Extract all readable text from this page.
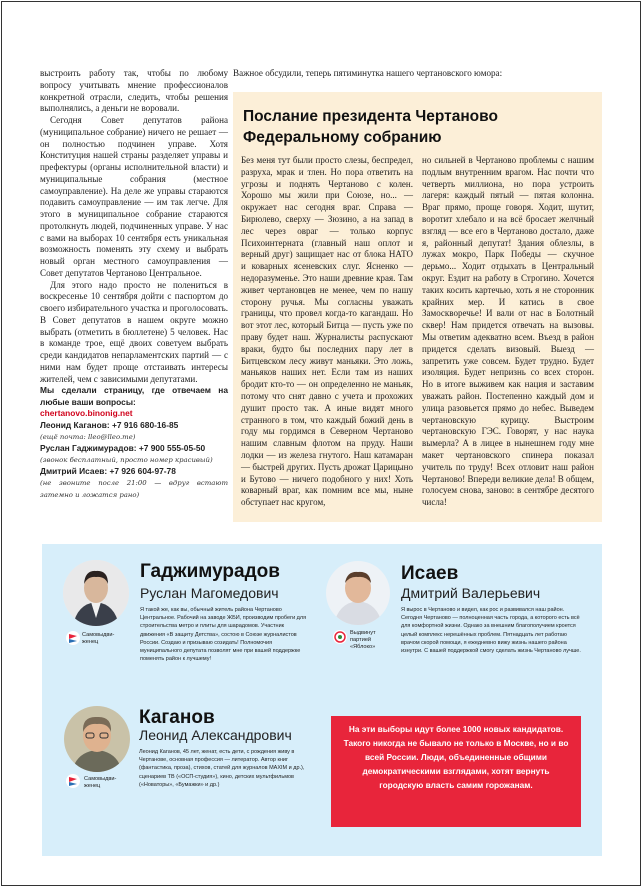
выстроить работу так, чтобы по любому вопросу учитывать мнение профессионалов конкретной отрасли, следить, чтобы решения выполнялись, а деньги не воровали.

Сегодня Совет депутатов района (муниципальное собрание) ничего не решает — он полностью подчинен управе. Хотя Конституция нашей страны разделяет управы и префектуры (органы исполнительной власти) и муниципальные собрания (местное самоуправление). На деле же управы стараются подавить самоуправление — им так легче. Для этого в муниципальное собрание стараются протолкнуть людей, подчиненных управе. У нас с вами на выборах 10 сентября есть уникальная возможность поменять эту схему и выбрать новый орган местного самоуправления — Совет депутатов Чертаново Центральное.

Для этого надо просто не полениться в воскресенье 10 сентября дойти с паспортом до своего избирательного участка и проголосовать. В Совет депутатов в нашем округе можно выбрать (отметить в бюллетене) 5 человек. Нас в команде трое, ещё двоих советуем выбрать среди кандидатов непарламентских партий — с ними нам будет проще отстаивать интересы жителей, чем с зависимыми депутатами.

Мы сделали страницу, где отвечаем на любые ваши вопросы:
chertanovo.binonig.net
Леонид Каганов: +7 916 680-16-85
(ещё почта: lleo@lleo.me)
Руслан Гаджимурадов: +7 900 555-05-50
(звонок бесплатный, просто номер красивый)
Дмитрий Исаев: +7 926 604-97-78
(не звоните после 21:00 — вдруг встают затемно и ложатся рано)
Важное обсудили, теперь пятиминутка нашего чертановского юмора:
Послание президента Чертаново Федеральному собранию
Без меня тут были просто слезы, беспредел, разруха, мрак и тлен. Но пора ответить на угрозы и поднять Чертаново с колен. Хорошо мы жили при Союзе, но... — окружает нас сегодня враг. Справа — Бирюлево, сверху — Зюзино, а на запад в лес через овраг — только корпус Психоинтерната (главный наш оплот и верный друг) защищает нас от блока НАТО и коварных ясеневских слуг. Ясненко — недоразуменье. Это наши древние края. Там живет чертановцев не менее, чем по нашу сторону ручья. Мы согласны уважать границы, что провел когда-то кагандаш. Но вот этот лес, который Битца — пусть уже по праву будет наш. Журналисты распускают враки, будто бы последних пару лет в Битцевском лесу живут маньяки. Это ложь, маньяков наших нет. Если там из наших бродит кто-то — он определенно не маньяк, потому что снят давно с учета и прохожих душит просто так. А иные видят много странного в том, что каждый божий день в году мы гордимся в Северном Чертаново нашим славным флотом на пруду. Наши лодки — из железа гнутого. Наш катамаран — быстрей других. Пусть дрожат Царицыно и Бутово — ничего подобного у них! Хоть коварный враг, как помним все мы, ныне обступает нас кругом,
но сильней в Чертаново проблемы с нашим подлым внутренним врагом. Нас почти что четверть миллиона, но пора устроить лагеря: каждый пятый — пятая колонна. Враг прямо, проще говоря. Ходит, шутит, воротит хлебало и на всё бросает желчный взгляд — все его в Чертаново достало, даже я, районный депутат! Здания облезлы, в лужах мокро, Парк Победы — скучное дерьмо... Ходит отдыхать в Центральный округ. Ездит на работу в Строгино. Хочется таких косить картечью, хоть я не сторонник крайних мер. И катись в свое Замоскворечье! И вали от нас в Болотный сквер! Нам придется отвечать на вызовы. Мы ответим адекватно всем. Въезд в район придется сделать визовый. Выезд — запретить уже совсем. Будет трудно. Будет изоляция. Будет непризнь со всех сторон. Но в итоге выживем как нация и заставим уважать район. Постепенно каждый дом и улица разовьется прямо до небес. Выведем чертановскую курицу. Выстроим чертановскую ГЭС. Говорят, у нас наука вымерла? А в лицее в нынешнем году мне макет чертановского спинера показал учитель по труду! Всех отловит наш район Чертаново! Впереди великие дела! В общем, голосуем снова, заново: в сентябре десятого числа!
Гаджимурадов
Руслан Магомедович
Я такой же, как вы, обычный житель района Чертаново Центральное. Рабочий на заводе ЖБИ, производим пробеги для строительства метро и плиты для шарадомов. Участник движения «В защиту Детства», состою в Союзе журналистов России. Создаю и призываю созидать! Полномочия муниципального депутата позволят мне при вашей поддержке поменять район к лучшему!
Самовыдви-
женец
Исаев
Дмитрий Валерьевич
Я вырос в Чертаново и видел, как рос и развивался наш район. Сегодня Чертаново — полноценная часть города, а которого есть всё для комфортной жизни. Однако за внешним благополучием кроется целый комплекс нерешённых проблем. Пятнадцать лет работаю врачом скорой помощи, я ежедневно вижу жизнь нашего района изнутри. С вашей поддержкой смогу сделать жизнь Чертаново лучше.
Выдвинут партией «Яблоко»
Каганов
Леонид Александрович
Леонид Каганов, 45 лет, женат, есть дети, с рождения живу в Чертанове, основная профессия — литератор. Автор книг (фантастика, проза), стихов, статей для журналов MAXIM и др.), сценариев ТВ («ОСП-студия»), кино, детских мультфильмов («Новаторы», «Бумажки» и др.)
Самовыдви-
женец
На эти выборы идут более 1000 новых кандидатов. Такого никогда не бывало не только в Москве, но и во всей России. Люди, объединенные общими демократическими взглядами, хотят вернуть городскую власть самим горожанам.
